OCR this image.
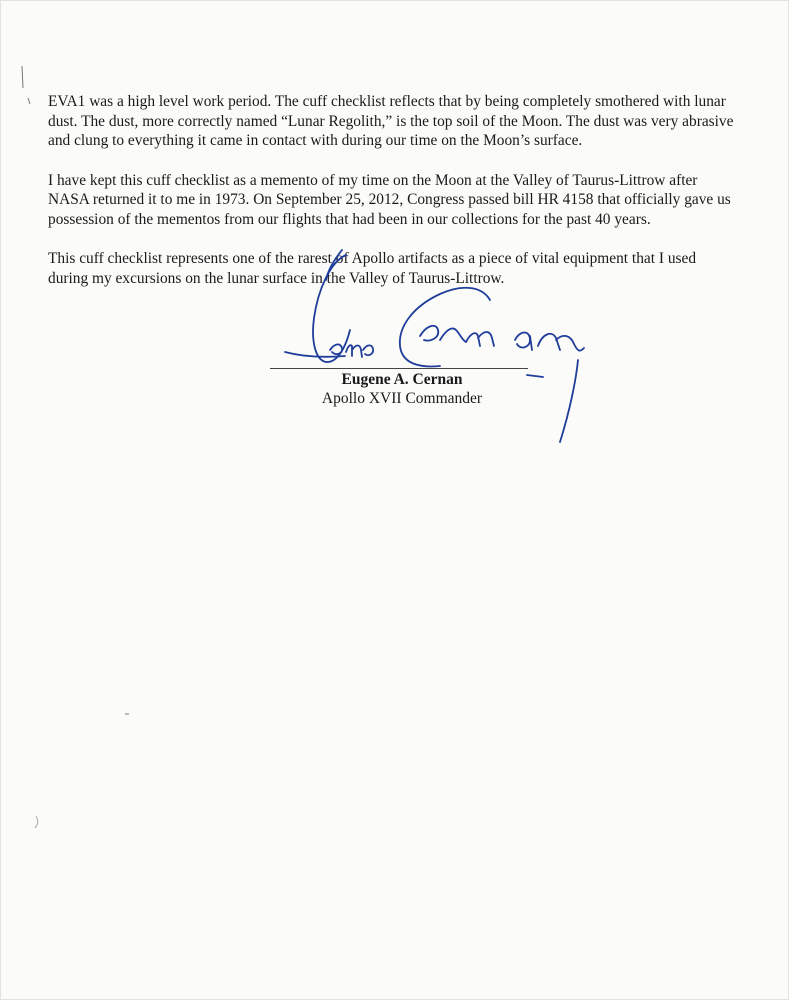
EVA1 was a high level work period. The cuff checklist reflects that by being completely smothered with lunar
dust. The dust, more correctly named “Lunar Regolith,” is the top soil of the Moon. The dust was very abrasive
and clung to everything it came in contact with during our time on the Moon’s surface.

I have kept this cuff checklist as a memento of my time on the Moon at the Valley of Taurus-Littrow after
NASA returned it to me in 1973. On September 25, 2012, Congress passed bill HR 4158 that officially gave us
possession of the mementos from our flights that had been in our collections for the past 40 years.

This cuff checklist represents one of the rarest of Apollo artifacts as a piece of vital equipment that I used
during my excursions on the lunar surface in the Valley of Taurus-Littrow.

Eugene A. Cernan
Apollo XVII Commander
